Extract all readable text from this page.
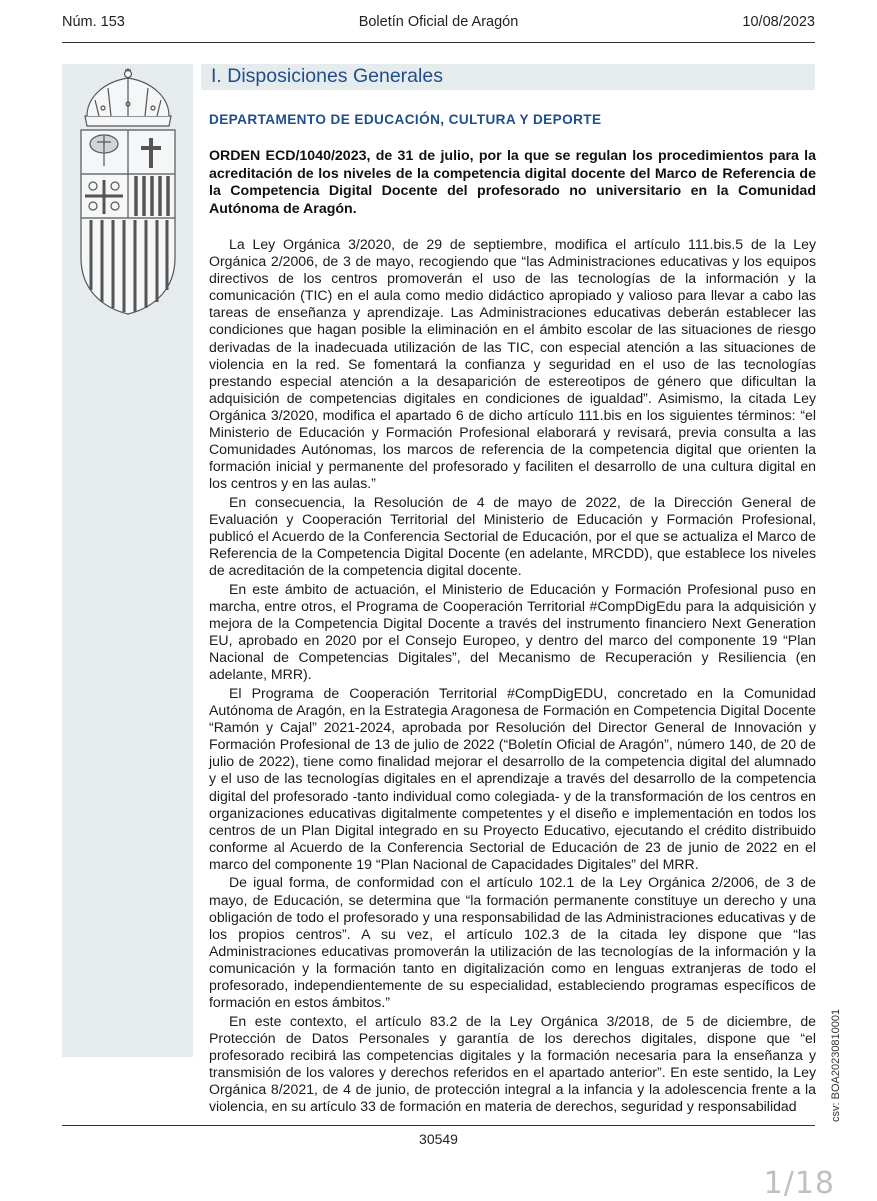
Núm. 153	Boletín Oficial de Aragón	10/08/2023
I. Disposiciones Generales
DEPARTAMENTO DE EDUCACIÓN, CULTURA Y DEPORTE
ORDEN ECD/1040/2023, de 31 de julio, por la que se regulan los procedimientos para la acreditación de los niveles de la competencia digital docente del Marco de Referencia de la Competencia Digital Docente del profesorado no universitario en la Comunidad Autónoma de Aragón.

La Ley Orgánica 3/2020, de 29 de septiembre, modifica el artículo 111.bis.5 de la Ley Orgánica 2/2006, de 3 de mayo, recogiendo que “las Administraciones educativas y los equipos directivos de los centros promoverán el uso de las tecnologías de la información y la comunicación (TIC) en el aula como medio didáctico apropiado y valioso para llevar a cabo las tareas de enseñanza y aprendizaje. Las Administraciones educativas deberán establecer las condiciones que hagan posible la eliminación en el ámbito escolar de las situaciones de riesgo derivadas de la inadecuada utilización de las TIC, con especial atención a las situaciones de violencia en la red. Se fomentará la confianza y seguridad en el uso de las tecnologías prestando especial atención a la desaparición de estereotipos de género que dificultan la adquisición de competencias digitales en condiciones de igualdad”. Asimismo, la citada Ley Orgánica 3/2020, modifica el apartado 6 de dicho artículo 111.bis en los siguientes términos: “el Ministerio de Educación y Formación Profesional elaborará y revisará, previa consulta a las Comunidades Autónomas, los marcos de referencia de la competencia digital que orienten la formación inicial y permanente del profesorado y faciliten el desarrollo de una cultura digital en los centros y en las aulas.”

En consecuencia, la Resolución de 4 de mayo de 2022, de la Dirección General de Evaluación y Cooperación Territorial del Ministerio de Educación y Formación Profesional, publicó el Acuerdo de la Conferencia Sectorial de Educación, por el que se actualiza el Marco de Referencia de la Competencia Digital Docente (en adelante, MRCDD), que establece los niveles de acreditación de la competencia digital docente.

En este ámbito de actuación, el Ministerio de Educación y Formación Profesional puso en marcha, entre otros, el Programa de Cooperación Territorial #CompDigEdu para la adquisición y mejora de la Competencia Digital Docente a través del instrumento financiero Next Generation EU, aprobado en 2020 por el Consejo Europeo, y dentro del marco del componente 19 “Plan Nacional de Competencias Digitales”, del Mecanismo de Recuperación y Resiliencia (en adelante, MRR).

El Programa de Cooperación Territorial #CompDigEDU, concretado en la Comunidad Autónoma de Aragón, en la Estrategia Aragonesa de Formación en Competencia Digital Docente “Ramón y Cajal” 2021-2024, aprobada por Resolución del Director General de Innovación y Formación Profesional de 13 de julio de 2022 (“Boletín Oficial de Aragón”, número 140, de 20 de julio de 2022), tiene como finalidad mejorar el desarrollo de la competencia digital del alumnado y el uso de las tecnologías digitales en el aprendizaje a través del desarrollo de la competencia digital del profesorado -tanto individual como colegiada- y de la transformación de los centros en organizaciones educativas digitalmente competentes y el diseño e implementación en todos los centros de un Plan Digital integrado en su Proyecto Educativo, ejecutando el crédito distribuido conforme al Acuerdo de la Conferencia Sectorial de Educación de 23 de junio de 2022 en el marco del componente 19 “Plan Nacional de Capacidades Digitales” del MRR.

De igual forma, de conformidad con el artículo 102.1 de la Ley Orgánica 2/2006, de 3 de mayo, de Educación, se determina que “la formación permanente constituye un derecho y una obligación de todo el profesorado y una responsabilidad de las Administraciones educativas y de los propios centros”. A su vez, el artículo 102.3 de la citada ley dispone que “las Administraciones educativas promoverán la utilización de las tecnologías de la información y la comunicación y la formación tanto en digitalización como en lenguas extranjeras de todo el profesorado, independientemente de su especialidad, estableciendo programas específicos de formación en estos ámbitos.”

En este contexto, el artículo 83.2 de la Ley Orgánica 3/2018, de 5 de diciembre, de Protección de Datos Personales y garantía de los derechos digitales, dispone que “el profesorado recibirá las competencias digitales y la formación necesaria para la enseñanza y transmisión de los valores y derechos referidos en el apartado anterior”. En este sentido, la Ley Orgánica 8/2021, de 4 de junio, de protección integral a la infancia y la adolescencia frente a la violencia, en su artículo 33 de formación en materia de derechos, seguridad y responsabilidad

30549
csv: BOA20230810001
1/18
